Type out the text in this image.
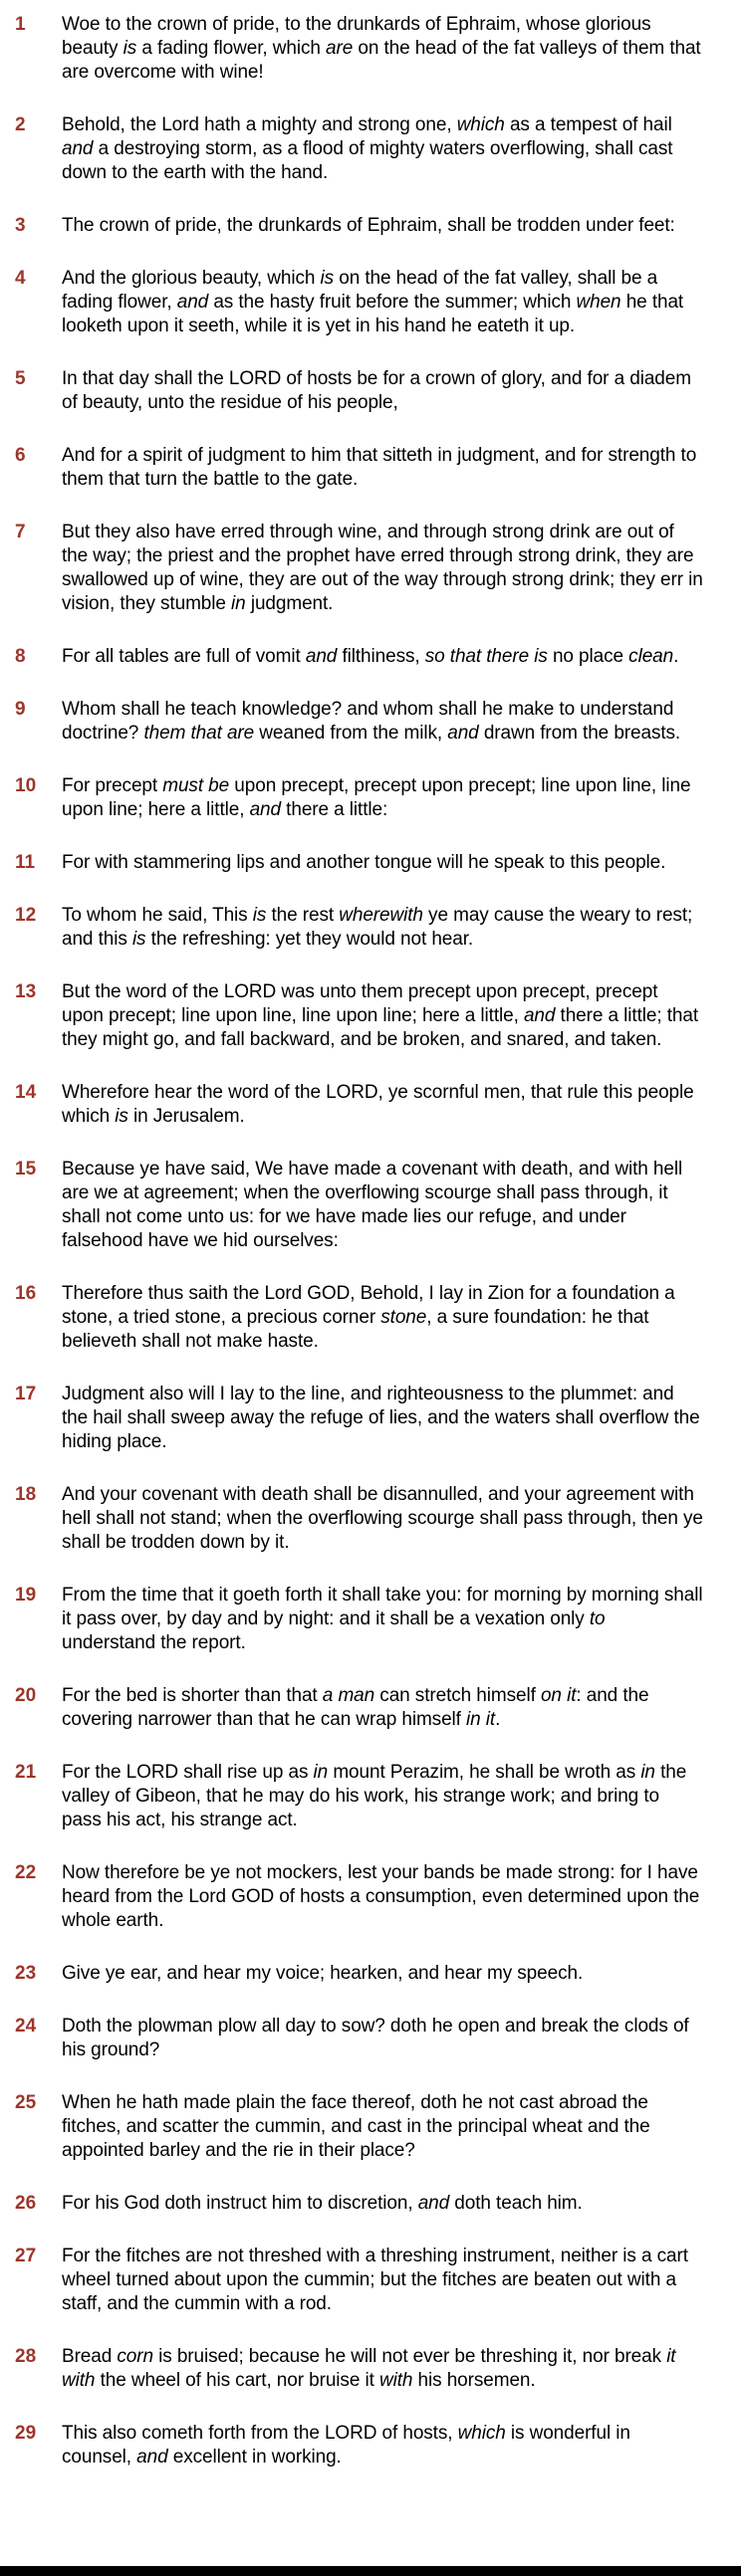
1	Woe to the crown of pride, to the drunkards of Ephraim, whose glorious beauty is a fading flower, which are on the head of the fat valleys of them that are overcome with wine!

2	Behold, the Lord hath a mighty and strong one, which as a tempest of hail and a destroying storm, as a flood of mighty waters overflowing, shall cast down to the earth with the hand.

3	The crown of pride, the drunkards of Ephraim, shall be trodden under feet:

4	And the glorious beauty, which is on the head of the fat valley, shall be a fading flower, and as the hasty fruit before the summer; which when he that looketh upon it seeth, while it is yet in his hand he eateth it up.

5	In that day shall the LORD of hosts be for a crown of glory, and for a diadem of beauty, unto the residue of his people,

6	And for a spirit of judgment to him that sitteth in judgment, and for strength to them that turn the battle to the gate.

7	But they also have erred through wine, and through strong drink are out of the way; the priest and the prophet have erred through strong drink, they are swallowed up of wine, they are out of the way through strong drink; they err in vision, they stumble in judgment.

8	For all tables are full of vomit and filthiness, so that there is no place clean.

9	Whom shall he teach knowledge? and whom shall he make to understand doctrine? them that are weaned from the milk, and drawn from the breasts.

10	For precept must be upon precept, precept upon precept; line upon line, line upon line; here a little, and there a little:

11	For with stammering lips and another tongue will he speak to this people.

12	To whom he said, This is the rest wherewith ye may cause the weary to rest; and this is the refreshing: yet they would not hear.

13	But the word of the LORD was unto them precept upon precept, precept upon precept; line upon line, line upon line; here a little, and there a little; that they might go, and fall backward, and be broken, and snared, and taken.

14	Wherefore hear the word of the LORD, ye scornful men, that rule this people which is in Jerusalem.

15	Because ye have said, We have made a covenant with death, and with hell are we at agreement; when the overflowing scourge shall pass through, it shall not come unto us: for we have made lies our refuge, and under falsehood have we hid ourselves:

16	Therefore thus saith the Lord GOD, Behold, I lay in Zion for a foundation a stone, a tried stone, a precious corner stone, a sure foundation: he that believeth shall not make haste.

17	Judgment also will I lay to the line, and righteousness to the plummet: and the hail shall sweep away the refuge of lies, and the waters shall overflow the hiding place.

18	And your covenant with death shall be disannulled, and your agreement with hell shall not stand; when the overflowing scourge shall pass through, then ye shall be trodden down by it.

19	From the time that it goeth forth it shall take you: for morning by morning shall it pass over, by day and by night: and it shall be a vexation only to understand the report.

20	For the bed is shorter than that a man can stretch himself on it: and the covering narrower than that he can wrap himself in it.

21	For the LORD shall rise up as in mount Perazim, he shall be wroth as in the valley of Gibeon, that he may do his work, his strange work; and bring to pass his act, his strange act.

22	Now therefore be ye not mockers, lest your bands be made strong: for I have heard from the Lord GOD of hosts a consumption, even determined upon the whole earth.

23	Give ye ear, and hear my voice; hearken, and hear my speech.

24	Doth the plowman plow all day to sow? doth he open and break the clods of his ground?

25	When he hath made plain the face thereof, doth he not cast abroad the fitches, and scatter the cummin, and cast in the principal wheat and the appointed barley and the rie in their place?

26	For his God doth instruct him to discretion, and doth teach him.

27	For the fitches are not threshed with a threshing instrument, neither is a cart wheel turned about upon the cummin; but the fitches are beaten out with a staff, and the cummin with a rod.

28	Bread corn is bruised; because he will not ever be threshing it, nor break it with the wheel of his cart, nor bruise it with his horsemen.

29	This also cometh forth from the LORD of hosts, which is wonderful in counsel, and excellent in working.
